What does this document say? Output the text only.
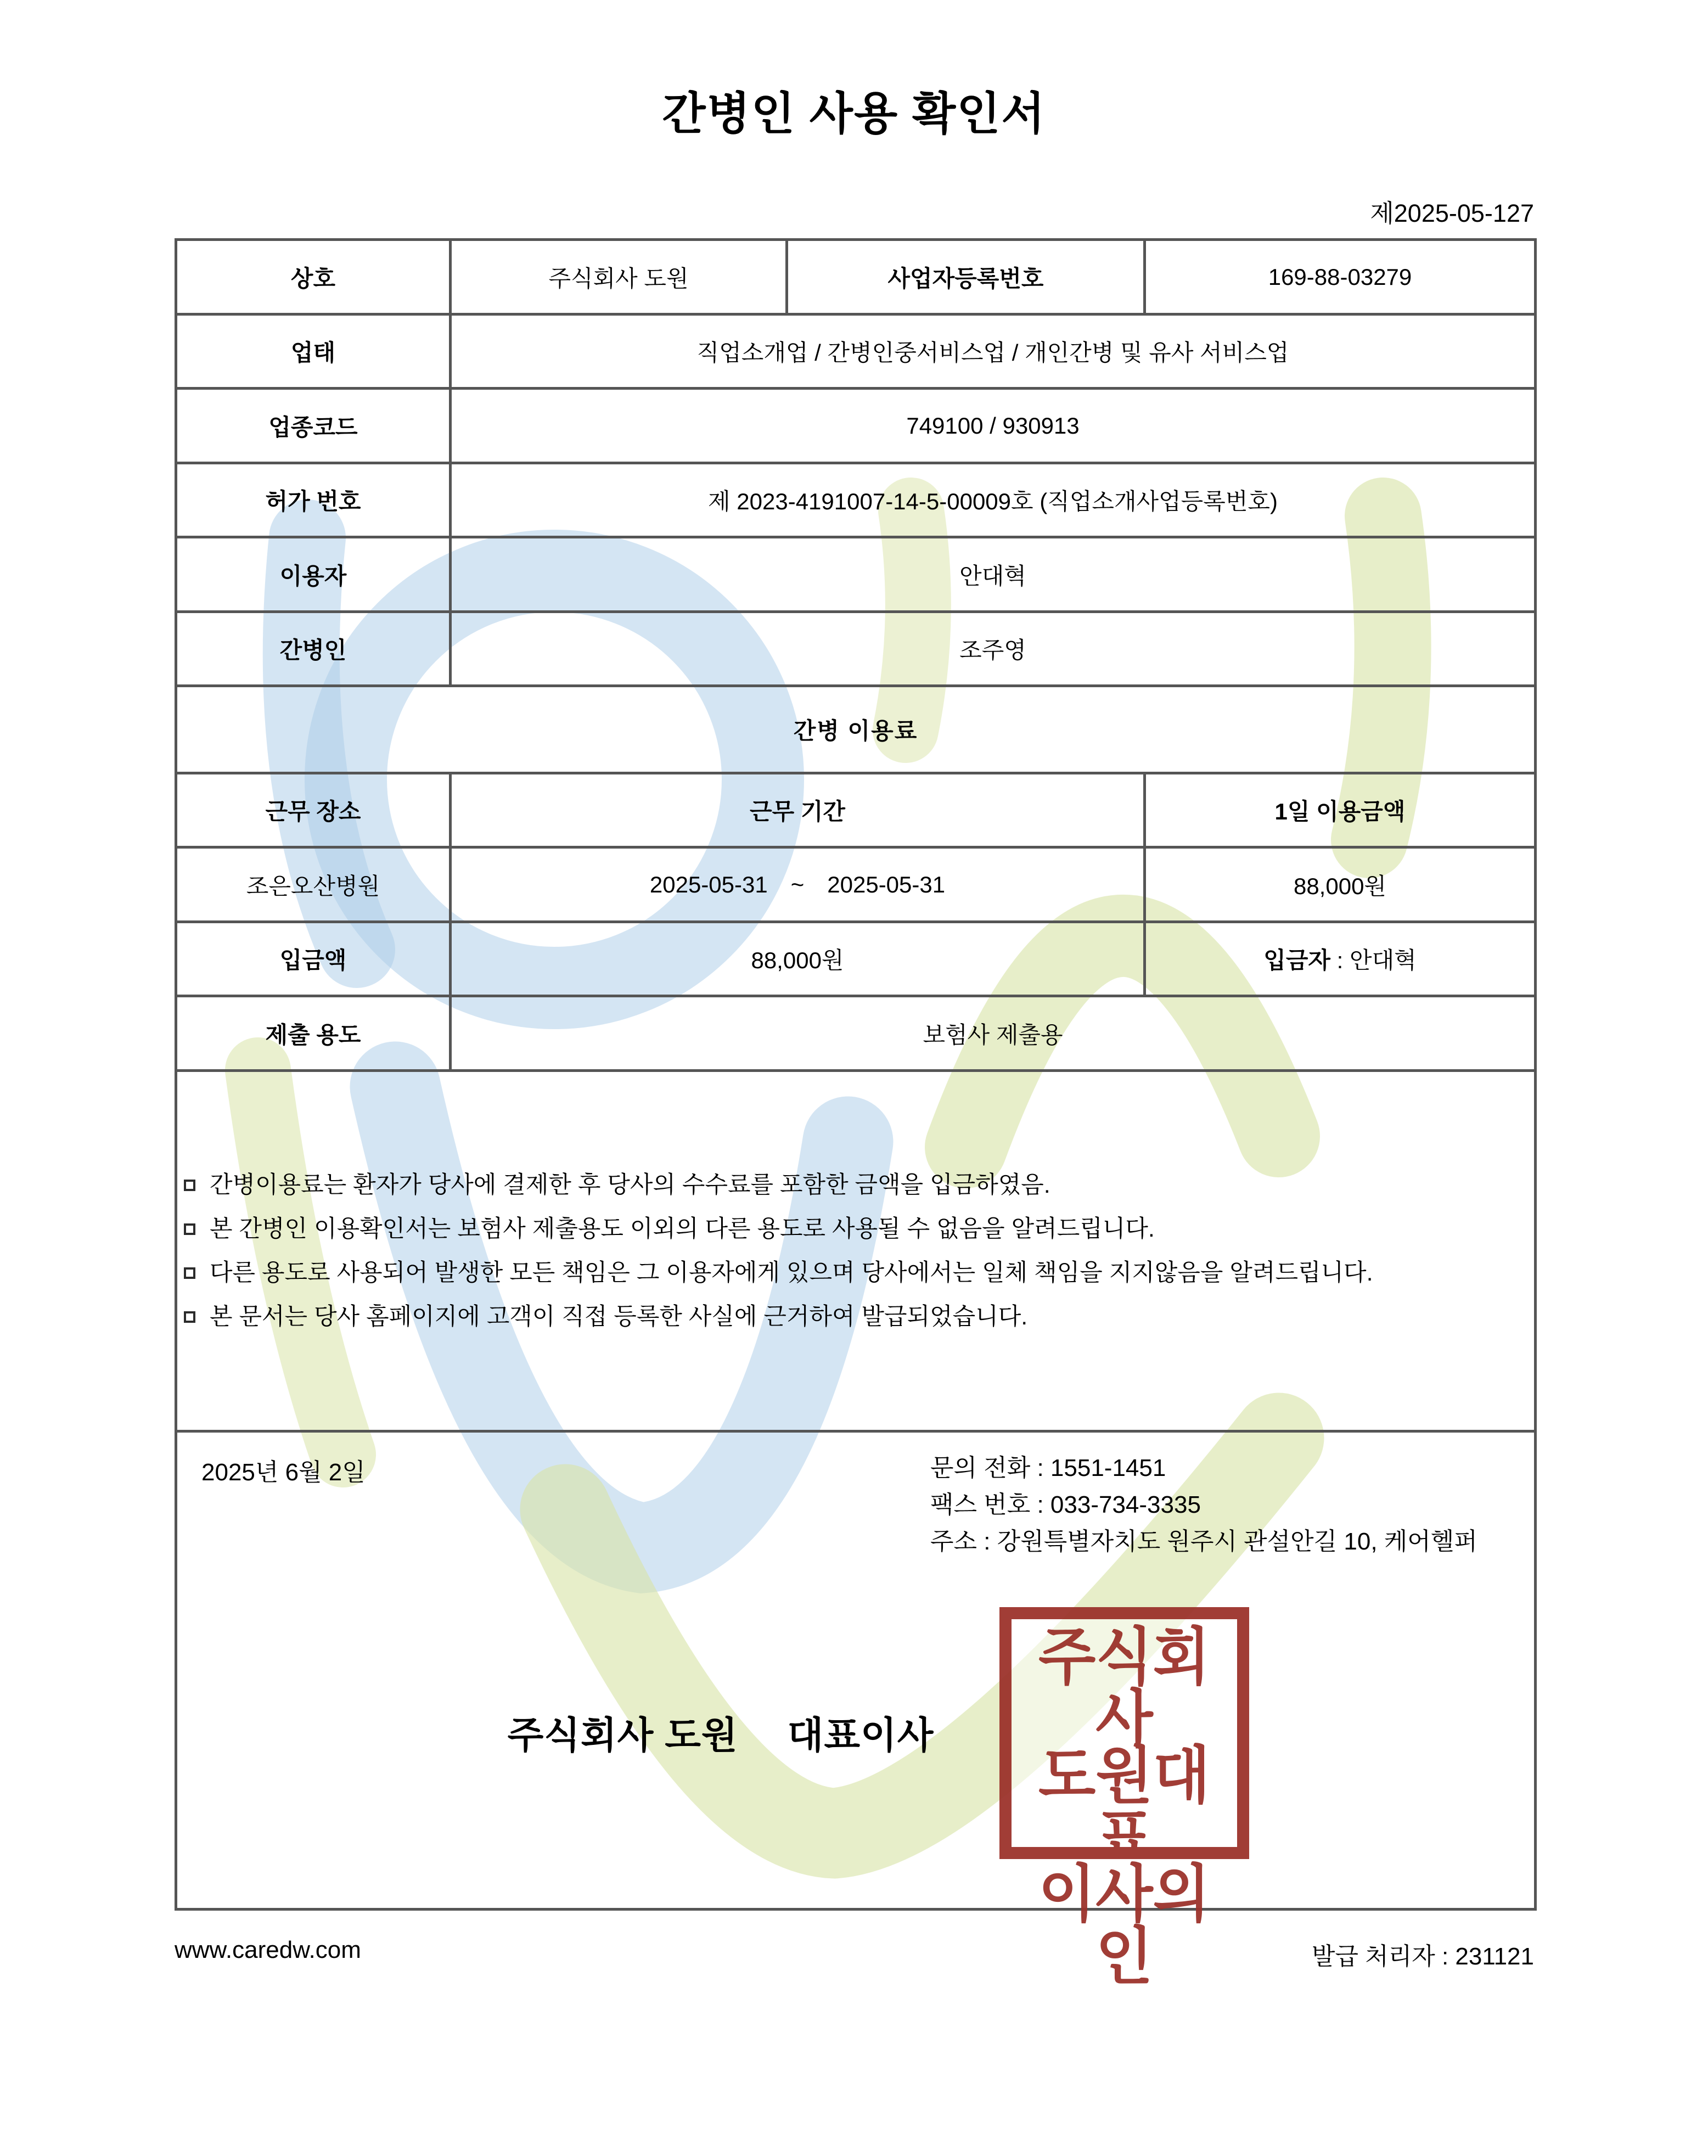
간병인 사용 확인서
제2025-05-127
상호	주식회사 도원	사업자등록번호	169-88-03279
업태	직업소개업 / 간병인중서비스업 / 개인간병 및 유사 서비스업		
업종코드	749100 / 930913		
허가 번호	제 2023-4191007-14-5-00009호 (직업소개사업등록번호)		
이용자	안대혁		
간병인	조주영		
간병 이용료			
근무 장소	근무 기간		1일 이용금액
조은오산병원	2025-05-31 ~ 2025-05-31		88,000원
입금액	88,000원		입금자 : 안대혁
제출 용도	보험사 제출용		

간병이용료는 환자가 당사에 결제한 후 당사의 수수료를 포함한 금액을 입금하였음.
본 간병인 이용확인서는 보험사 제출용도 이외의 다른 용도로 사용될 수 없음을 알려드립니다.
다른 용도로 사용되어 발생한 모든 책임은 그 이용자에게 있으며 당사에서는 일체 책임을 지지않음을 알려드립니다.
본 문서는 당사 홈페이지에 고객이 직접 등록한 사실에 근거하여 발급되었습니다.

2025년 6월 2일	문의 전화 : 1551-1451
팩스 번호 : 033-734-3335
주소 : 강원특별자치도 원주시 관설안길 10, 케어헬퍼
주식회사 도원 대표이사
주식회사
도원대표
이사의인
www.caredw.com	발급 처리자 : 231121
